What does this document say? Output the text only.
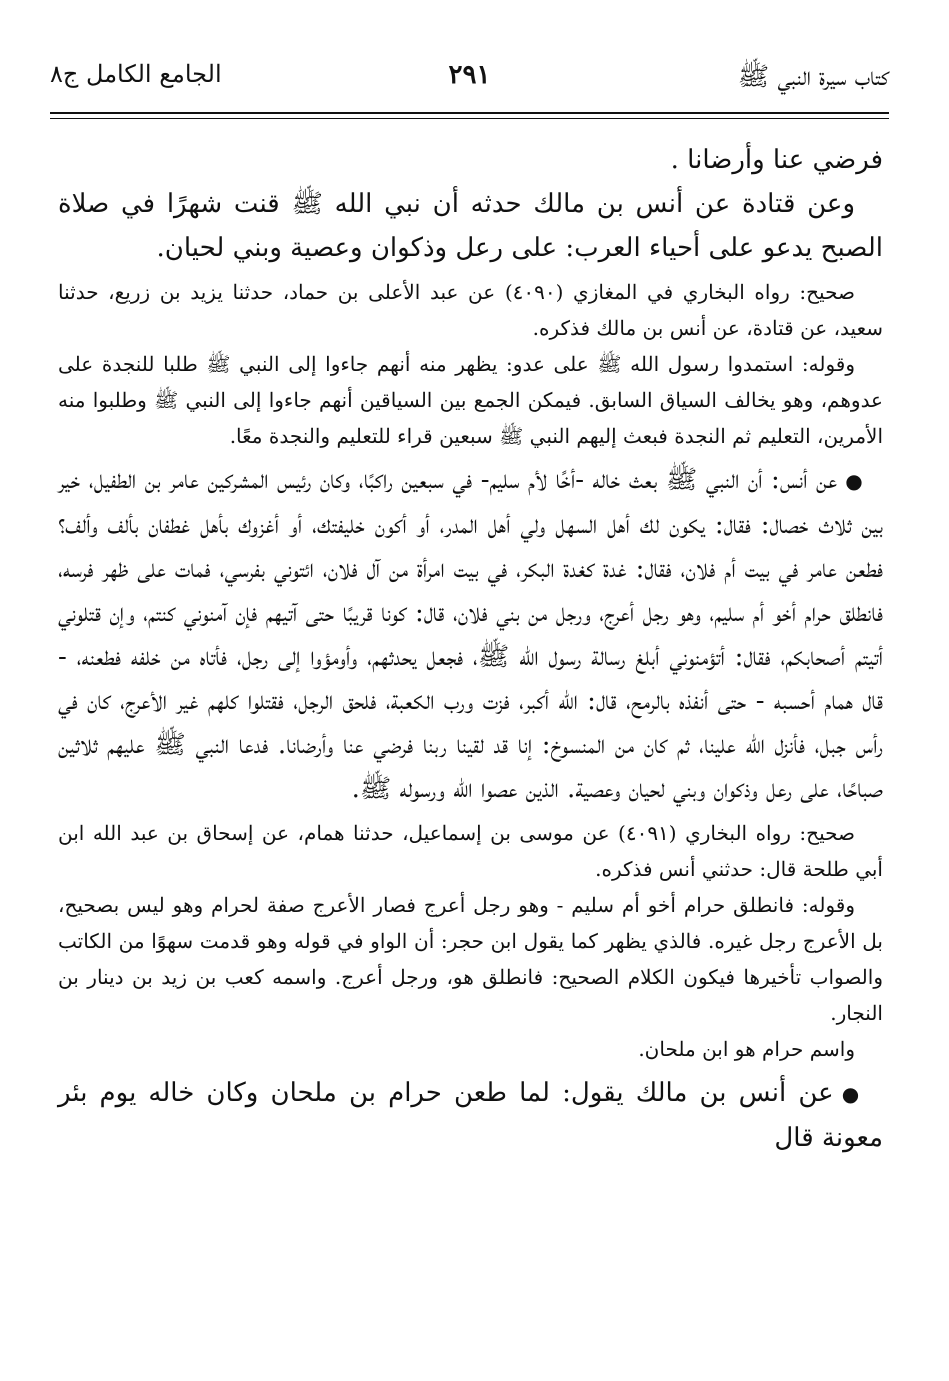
كتاب سيرة النبي ﷺ
٢٩١
الجامع الكامل ج٨

فرضي عنا وأرضانا .

وعن قتادة عن أنس بن مالك حدثه أن نبي الله ﷺ قنت شهرًا في صلاة الصبح يدعو على أحياء العرب: على رعل وذكوان وعصية وبني لحيان.

صحيح: رواه البخاري في المغازي (٤٠٩٠) عن عبد الأعلى بن حماد، حدثنا يزيد بن زريع، حدثنا سعيد، عن قتادة، عن أنس بن مالك فذكره.

وقوله: استمدوا رسول الله ﷺ على عدو: يظهر منه أنهم جاءوا إلى النبي ﷺ طلبا للنجدة على عدوهم، وهو يخالف السياق السابق. فيمكن الجمع بين السياقين أنهم جاءوا إلى النبي ﷺ وطلبوا منه الأمرين، التعليم ثم النجدة فبعث إليهم النبي ﷺ سبعين قراء للتعليم والنجدة معًا.

●عن أنس: أن النبي ﷺ بعث خاله -أخًا لأم سليم- في سبعين راكبًا، وكان رئيس المشركين عامر بن الطفيل، خير بين ثلاث خصال: فقال: يكون لك أهل السهل ولي أهل المدر، أو أكون خليفتك، أو أغزوك بأهل غطفان بألف وألف؟ فطعن عامر في بيت أم فلان، فقال: غدة كغدة البكر، في بيت امرأة من آل فلان، ائتوني بفرسي، فمات على ظهر فرسه، فانطلق حرام أخو أم سليم، وهو رجل أعرج، ورجل من بني فلان، قال: كونا قريبًا حتى آتيهم فإن آمنوني كنتم، وإن قتلوني أتيتم أصحابكم، فقال: أتؤمنوني أبلغ رسالة رسول الله ﷺ، فجعل يحدثهم، وأومؤوا إلى رجل، فأتاه من خلفه فطعنه، - قال همام أحسبه - حتى أنفذه بالرمح، قال: الله أكبر، فزت ورب الكعبة، فلحق الرجل، فقتلوا كلهم غير الأعرج، كان في رأس جبل، فأنزل الله علينا، ثم كان من المنسوخ: إنا قد لقينا ربنا فرضي عنا وأرضانا. فدعا النبي ﷺ عليهم ثلاثين صباحًا، على رعل وذكوان وبني لحيان وعصية. الذين عصوا الله ورسوله ﷺ.

صحيح: رواه البخاري (٤٠٩١) عن موسى بن إسماعيل، حدثنا همام، عن إسحاق بن عبد الله ابن أبي طلحة قال: حدثني أنس فذكره.

وقوله: فانطلق حرام أخو أم سليم - وهو رجل أعرج فصار الأعرج صفة لحرام وهو ليس بصحيح، بل الأعرج رجل غيره. فالذي يظهر كما يقول ابن حجر: أن الواو في قوله وهو قدمت سهوًا من الكاتب والصواب تأخيرها فيكون الكلام الصحيح: فانطلق هو، ورجل أعرج. واسمه كعب بن زيد بن دينار بن النجار.

واسم حرام هو ابن ملحان.

●عن أنس بن مالك يقول: لما طعن حرام بن ملحان وكان خاله يوم بئر معونة قال
